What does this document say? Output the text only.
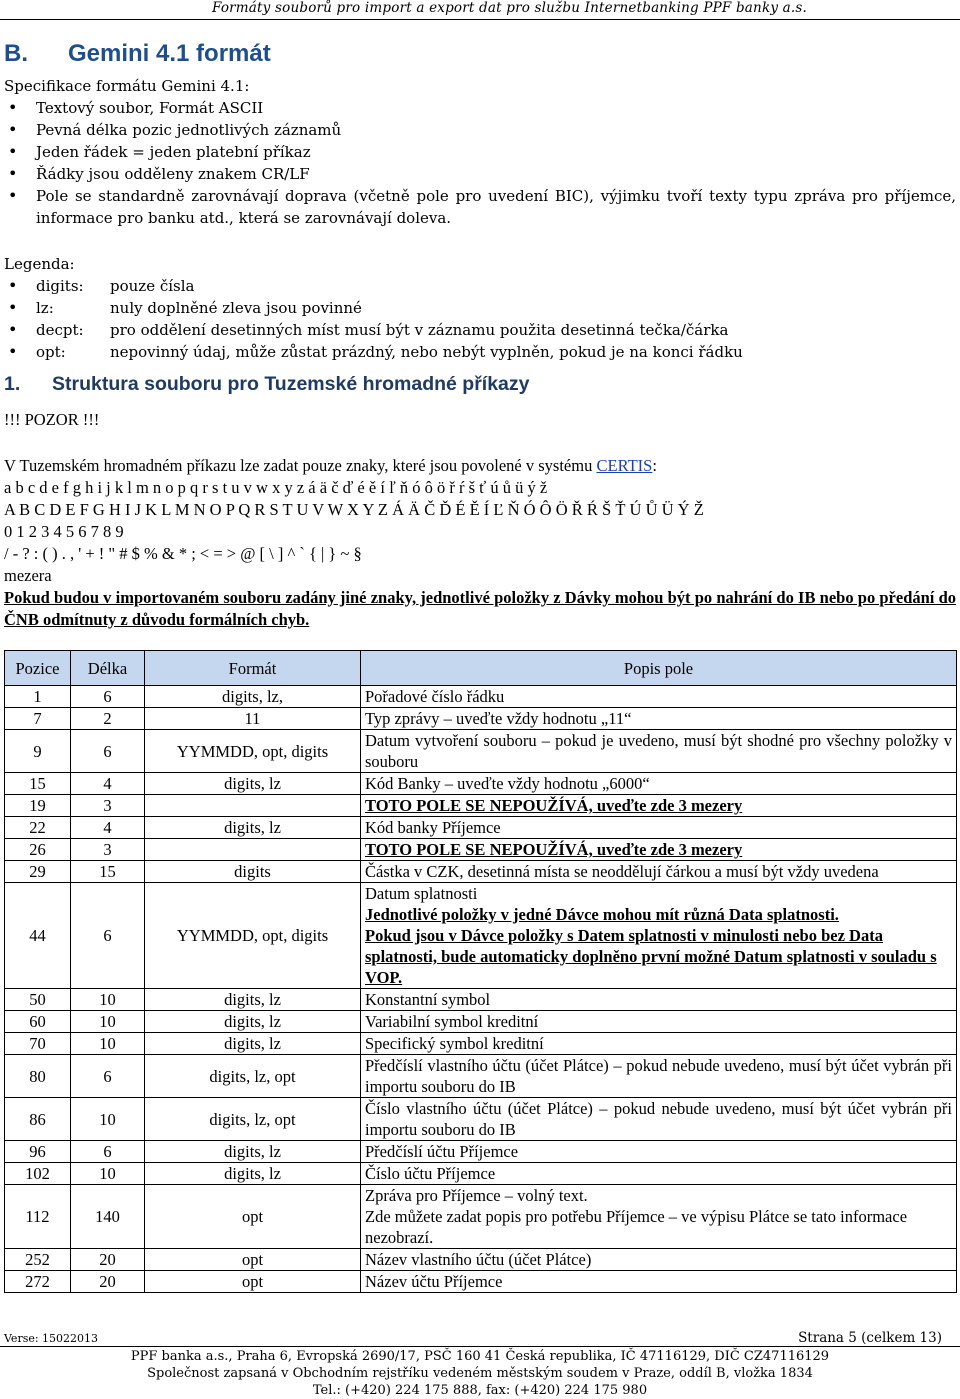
Formáty souborů pro import a export dat pro službu Internetbanking PPF banky a.s.
B. Gemini 4.1 formát
Specifikace formátu Gemini 4.1:
• Textový soubor, Formát ASCII
• Pevná délka pozic jednotlivých záznamů
• Jeden řádek = jeden platební příkaz
• Řádky jsou odděleny znakem CR/LF
• Pole se standardně zarovnávají doprava (včetně pole pro uvedení BIC), výjimku tvoří texty typu zpráva pro příjemce, informace pro banku atd., která se zarovnávají doleva.
Legenda:
• digits: pouze čísla
• lz:	nuly doplněné zleva jsou povinné
• decpt: pro oddělení desetinných míst musí být v záznamu použita desetinná tečka/čárka
• opt:	nepovinný údaj, může zůstat prázdný, nebo nebýt vyplněn, pokud je na konci řádku
1. Struktura souboru pro Tuzemské hromadné příkazy
!!! POZOR !!!
V Tuzemském hromadném příkazu lze zadat pouze znaky, které jsou povolené v systému CERTIS:
a b c d e f g h i j k l m n o p q r s t u v w x y z á ä č ď é ě í ľ ň ó ô ö ř ŕ š ť ú ů ü ý ž
A B C D E F G H I J K L M N O P Q R S T U V W X Y Z Á Ä Č Ď É Ě Í Ľ Ň Ó Ô Ö Ř Ŕ Š Ť Ú Ů Ü Ý Ž
0 1 2 3 4 5 6 7 8 9
/ - ? : ( ) . , ' + ! " # $ % & * ; < = > @ [ \ ] ^ ` { | } ~ §
mezera
Pokud budou v importovaném souboru zadány jiné znaky, jednotlivé položky z Dávky mohou být po nahrání do IB nebo po předání do ČNB odmítnuty z důvodu formálních chyb.
Pozice	Délka	Formát	Popis pole
1	6	digits, lz,	Pořadové číslo řádku
7	2	11	Typ zprávy – uveďte vždy hodnotu „11“
9	6	YYMMDD, opt, digits	Datum vytvoření souboru – pokud je uvedeno, musí být shodné pro všechny položky v souboru
15	4	digits, lz	Kód Banky – uveďte vždy hodnotu „6000“
19	3		TOTO POLE SE NEPOUŽÍVÁ, uveďte zde 3 mezery
22	4	digits, lz	Kód banky Příjemce
26	3		TOTO POLE SE NEPOUŽÍVÁ, uveďte zde 3 mezery
29	15	digits	Částka v CZK, desetinná místa se neoddělují čárkou a musí být vždy uvedena
44	6	YYMMDD, opt, digits	Datum splatnosti
Jednotlivé položky v jedné Dávce mohou mít různá Data splatnosti.
Pokud jsou v Dávce položky s Datem splatnosti v minulosti nebo bez Data splatnosti, bude automaticky doplněno první možné Datum splatnosti v souladu s VOP.

50	10	digits, lz	Konstantní symbol
60	10	digits, lz	Variabilní symbol kreditní
70	10	digits, lz	Specifický symbol kreditní
80	6	digits, lz, opt	Předčíslí vlastního účtu (účet Plátce) – pokud nebude uvedeno, musí být účet vybrán při importu souboru do IB
86	10	digits, lz, opt	Číslo vlastního účtu (účet Plátce) – pokud nebude uvedeno, musí být účet vybrán při importu souboru do IB
96	6	digits, lz	Předčíslí účtu Příjemce
102	10	digits, lz	Číslo účtu Příjemce
112	140	opt	Zpráva pro Příjemce – volný text.
Zde můžete zadat popis pro potřebu Příjemce – ve výpisu Plátce se tato informace nezobrazí.

252	20	opt	Název vlastního účtu (účet Plátce)
272	20	opt	Název účtu Příjemce
Verse: 15022013	Strana 5 (celkem 13)
PPF banka a.s., Praha 6, Evropská 2690/17, PSČ 160 41 Česká republika, IČ 47116129, DIČ CZ47116129
Společnost zapsaná v Obchodním rejstříku vedeném městským soudem v Praze, oddíl B, vložka 1834
Tel.: (+420) 224 175 888, fax: (+420) 224 175 980
